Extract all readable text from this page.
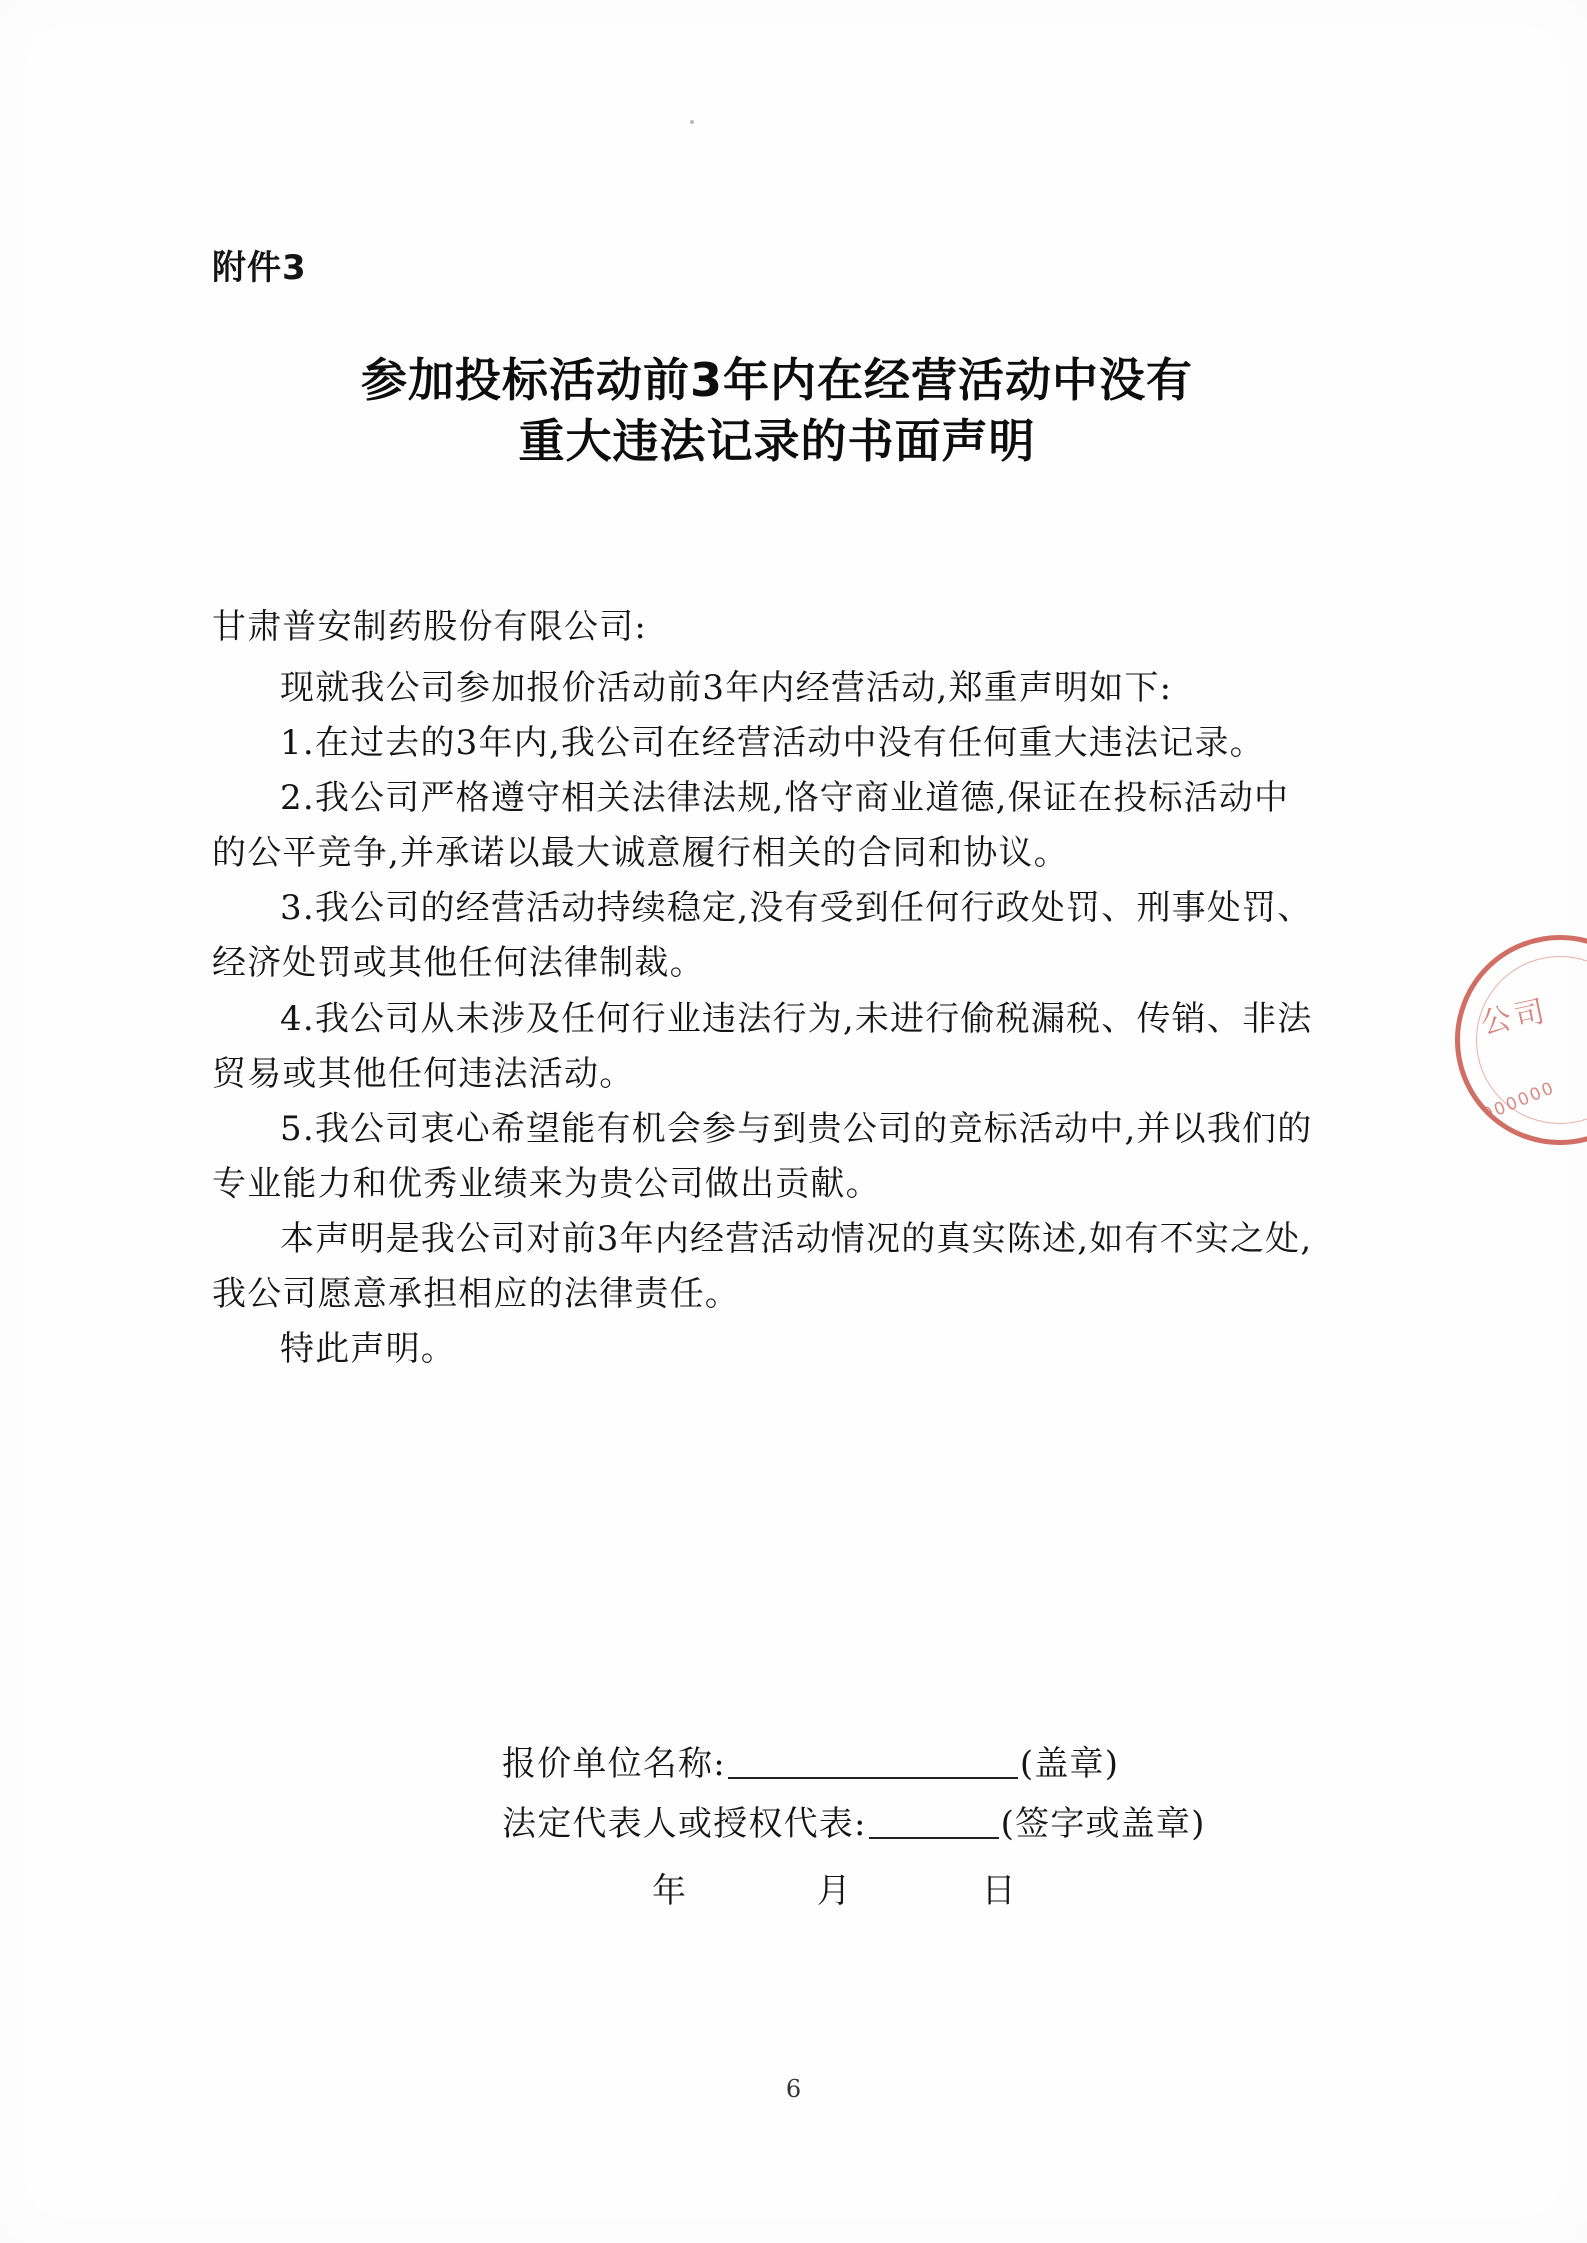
附件3
参加投标活动前3年内在经营活动中没有
重大违法记录的书面声明

甘肃普安制药股份有限公司:

现就我公司参加报价活动前3年内经营活动,郑重声明如下:

1.在过去的3年内,我公司在经营活动中没有任何重大违法记录。

2.我公司严格遵守相关法律法规,恪守商业道德,保证在投标活动中的公平竞争,并承诺以最大诚意履行相关的合同和协议。

3.我公司的经营活动持续稳定,没有受到任何行政处罚、刑事处罚、经济处罚或其他任何法律制裁。

4.我公司从未涉及任何行业违法行为,未进行偷税漏税、传销、非法贸易或其他任何违法活动。

5.我公司衷心希望能有机会参与到贵公司的竞标活动中,并以我们的专业能力和优秀业绩来为贵公司做出贡献。

本声明是我公司对前3年内经营活动情况的真实陈述,如有不实之处,我公司愿意承担相应的法律责任。

特此声明。

报价单位名称:	(盖章)
法定代表人或授权代表:	(签字或盖章)
年 月 日
公司
0000000
6
